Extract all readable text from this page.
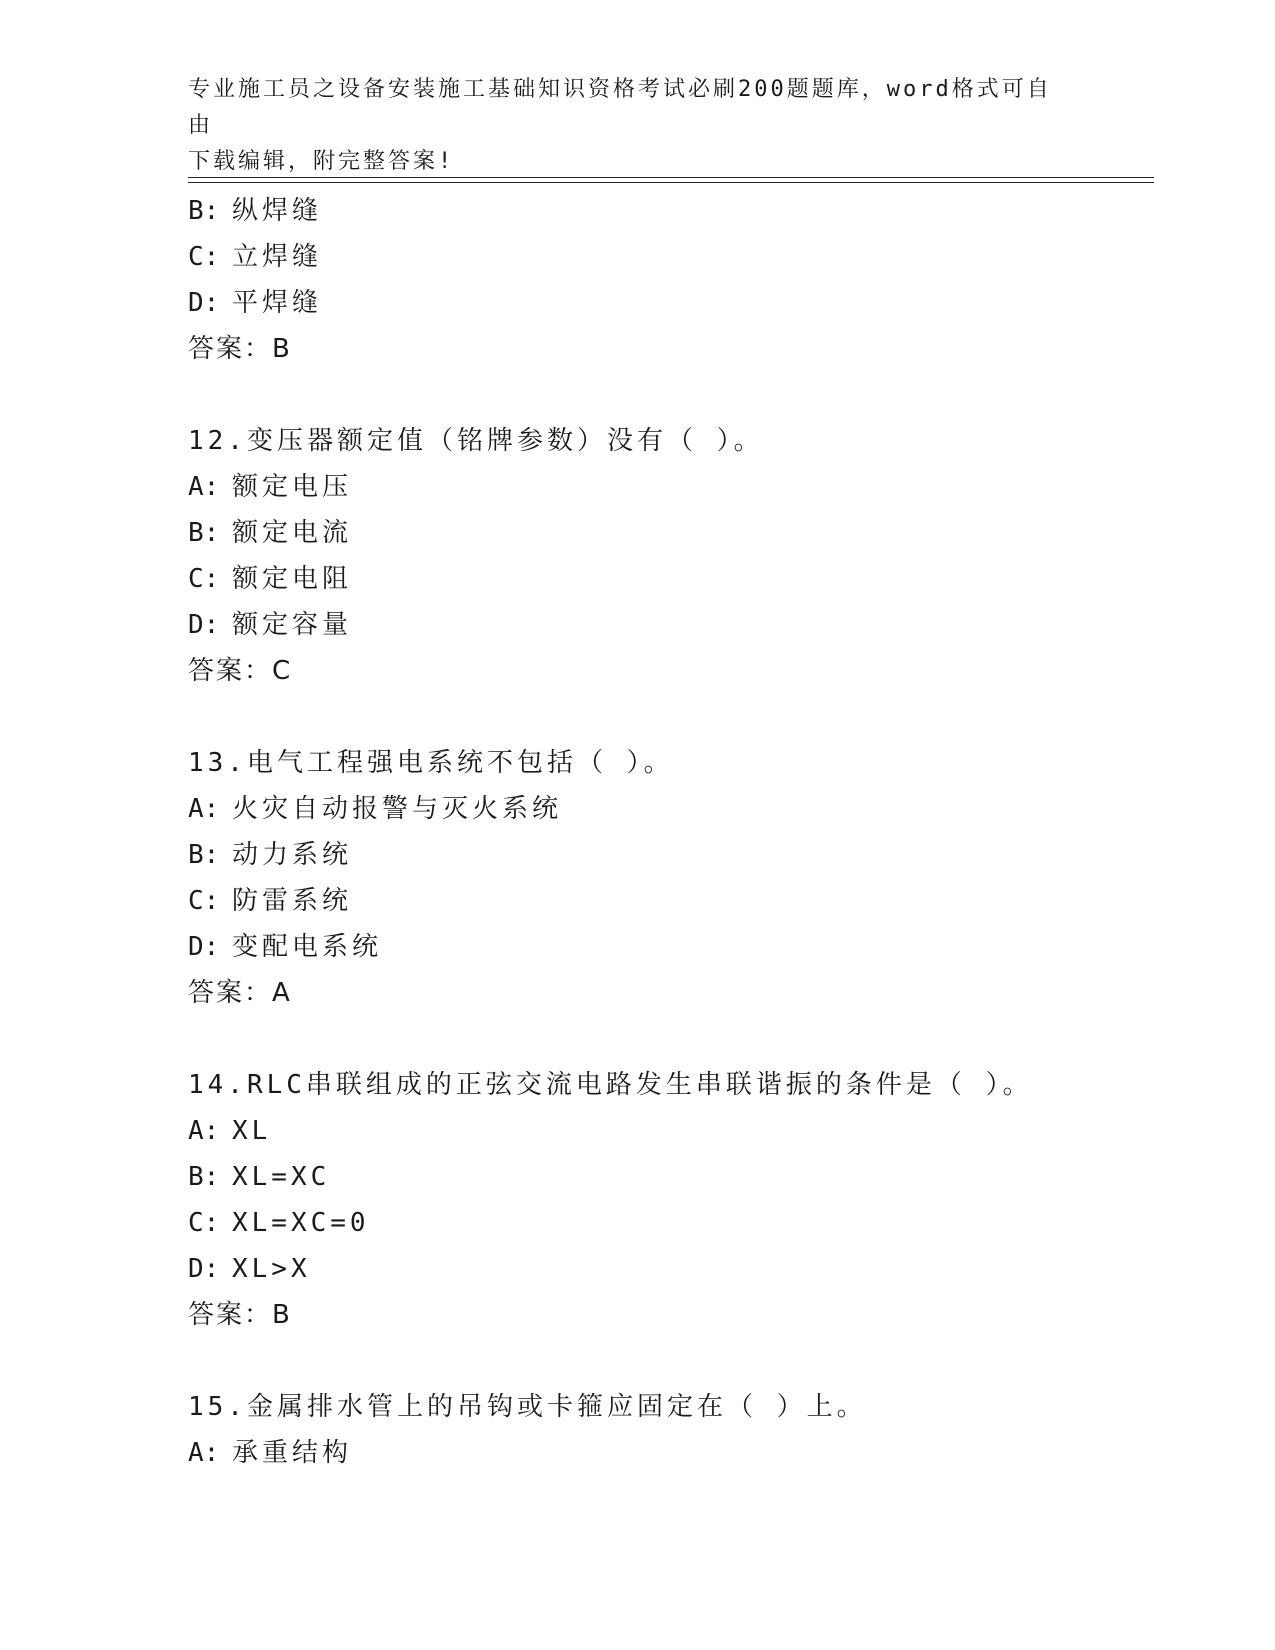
专业施工员之设备安装施工基础知识资格考试必刷200题题库，word格式可自由
下载编辑，附完整答案!
B: 纵焊缝
C: 立焊缝
D: 平焊缝
答案：B
12.变压器额定值（铭牌参数）没有（ ）。
A: 额定电压
B: 额定电流
C: 额定电阻
D: 额定容量
答案：C
13.电气工程强电系统不包括（ ）。
A: 火灾自动报警与灭火系统
B: 动力系统
C: 防雷系统
D: 变配电系统
答案：A
14.RLC串联组成的正弦交流电路发生串联谐振的条件是（ ）。
A: XL
B: XL=XC
C: XL=XC=0
D: XL>X
答案：B
15.金属排水管上的吊钩或卡箍应固定在（ ）上。
A: 承重结构
